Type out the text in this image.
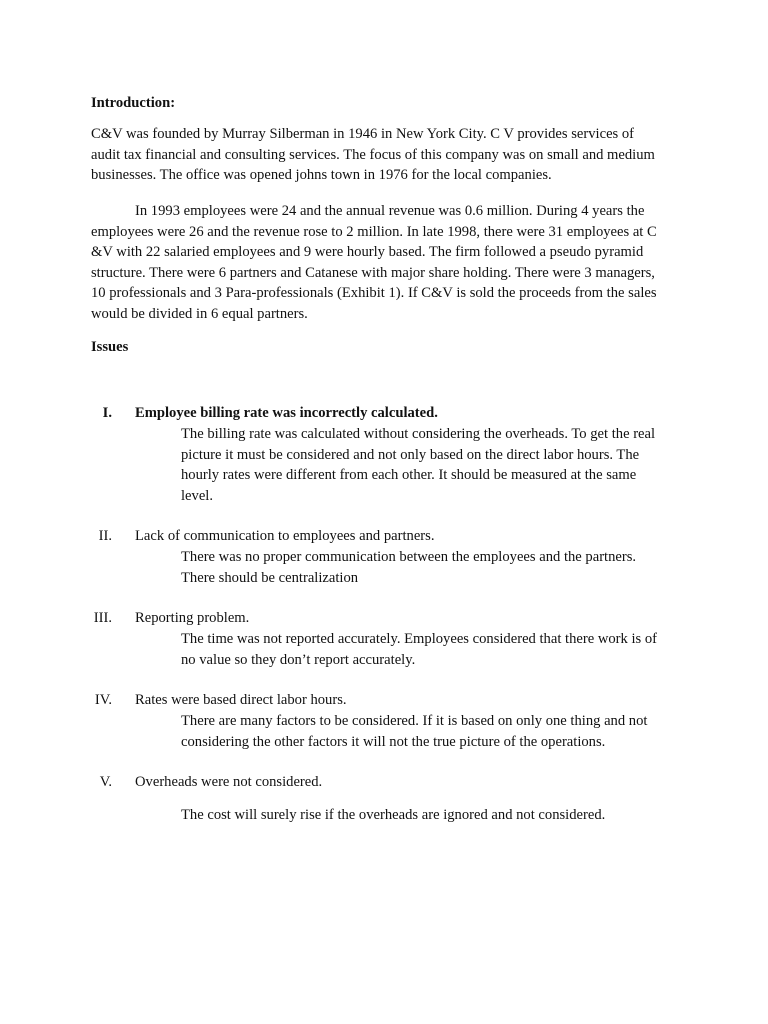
Introduction:
C&V was founded by Murray Silberman in 1946 in New York City. C V provides services of
audit tax financial and consulting services. The focus of this company was on small and medium
businesses. The office was opened johns town in 1976 for the local companies.
In 1993 employees were 24 and the annual revenue was 0.6 million. During 4 years the
employees were 26 and the revenue rose to 2 million. In late 1998, there were 31 employees at C
&V with 22 salaried employees and 9 were hourly based. The firm followed a pseudo pyramid
structure. There were 6 partners and Catanese with major share holding. There were 3 managers,
10 professionals and 3 Para-professionals (Exhibit 1). If C&V is sold the proceeds from the sales
would be divided in 6 equal partners.
Issues
I. Employee billing rate was incorrectly calculated.
The billing rate was calculated without considering the overheads. To get the real
picture it must be considered and not only based on the direct labor hours. The
hourly rates were different from each other. It should be measured at the same
level.
II. Lack of communication to employees and partners.
There was no proper communication between the employees and the partners.
There should be centralization
III. Reporting problem.
The time was not reported accurately. Employees considered that there work is of
no value so they don’t report accurately.
IV. Rates were based direct labor hours.
There are many factors to be considered. If it is based on only one thing and not
considering the other factors it will not the true picture of the operations.
V. Overheads were not considered.
The cost will surely rise if the overheads are ignored and not considered.
